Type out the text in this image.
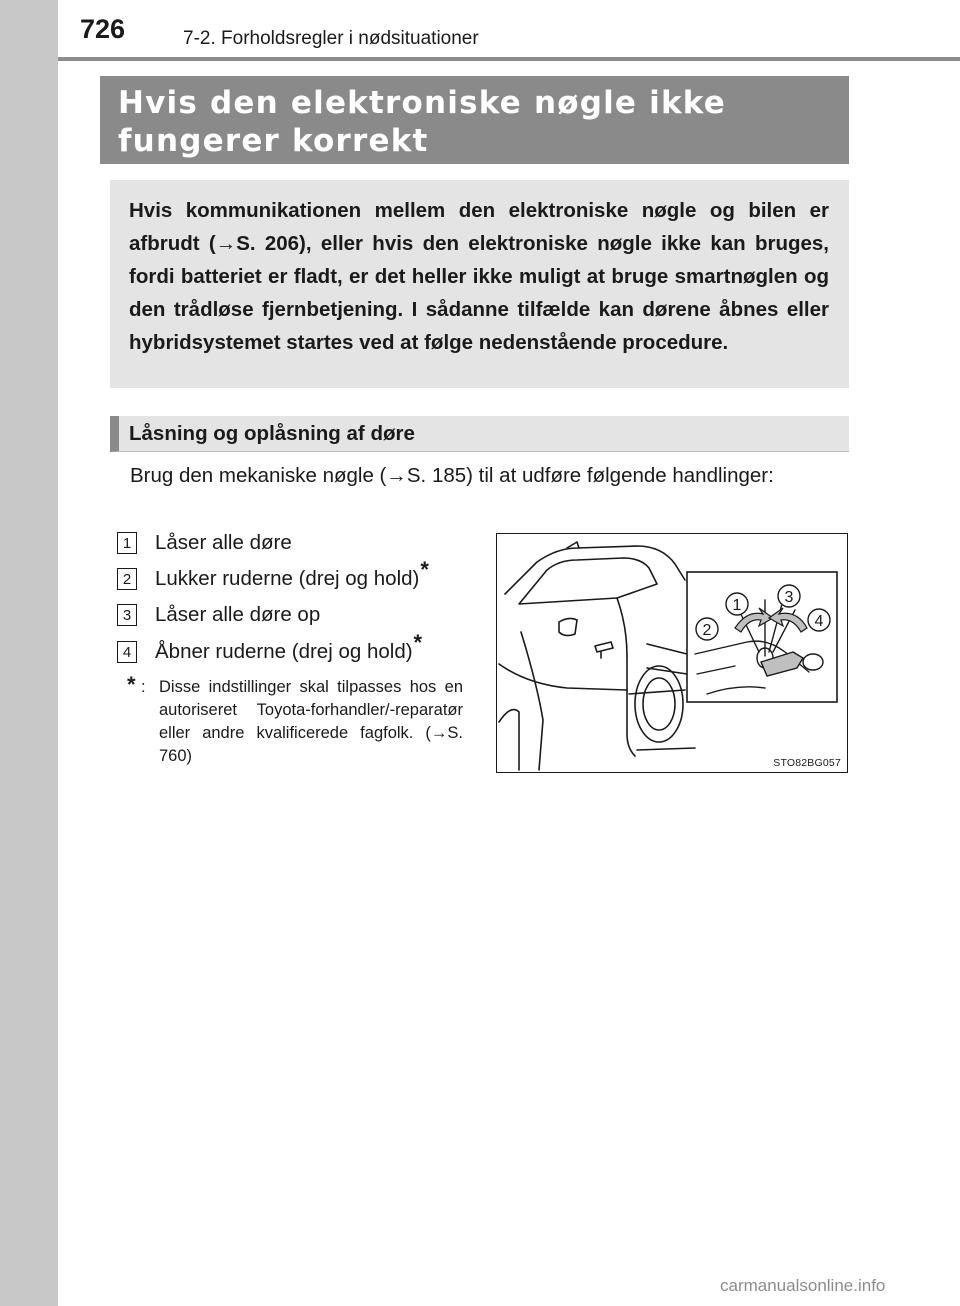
726	7-2. Forholdsregler i nødsituationer
Hvis den elektroniske nøgle ikke fungerer korrekt

Hvis kommunikationen mellem den elektroniske nøgle og bilen er afbrudt (→S. 206), eller hvis den elektroniske nøgle ikke kan bruges, fordi batteriet er fladt, er det heller ikke muligt at bruge smartnøglen og den trådløse fjernbetjening. I sådanne tilfælde kan dørene åbnes eller hybridsystemet startes ved at følge nedenstående procedure.

Låsning og oplåsning af døre

Brug den mekaniske nøgle (→S. 185) til at udføre følgende handlinger:

1 Låser alle døre
2 Lukker ruderne (drej og hold) *
3 Låser alle døre op
4 Åbner ruderne (drej og hold) *
* : Disse indstillinger skal tilpasses hos en autoriseret Toyota-forhandler/-reparatør eller andre kvalificerede fagfolk. (→S. 760)
1
2
3
4
STO82BG057
carmanualsonline.info
